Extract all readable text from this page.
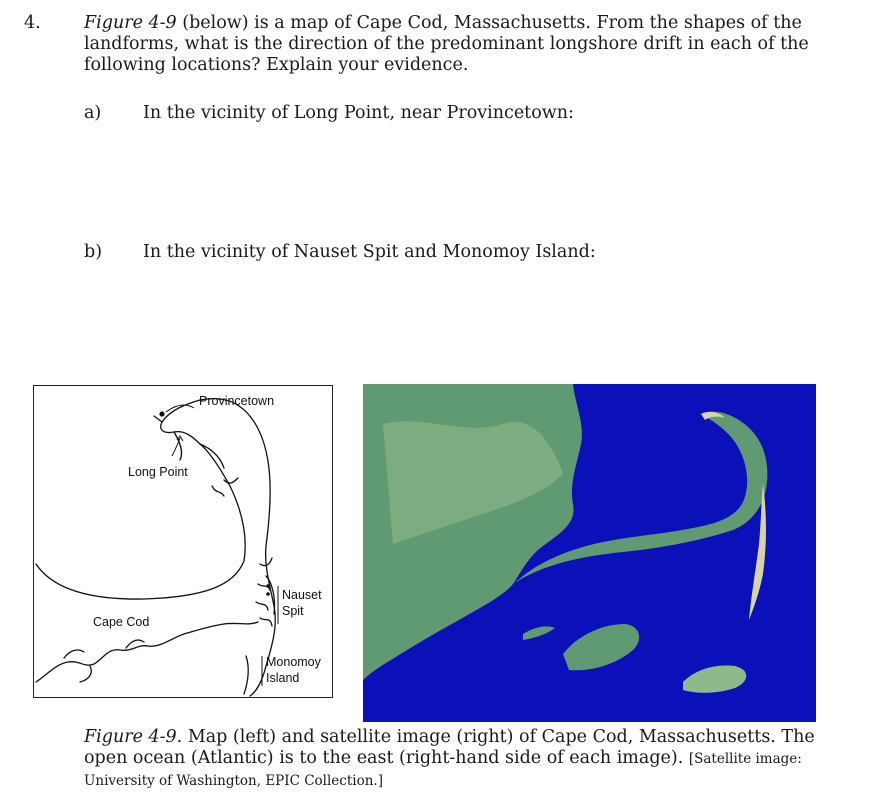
4. Figure 4-9 (below) is a map of Cape Cod, Massachusetts. From the shapes of the landforms, what is the direction of the predominant longshore drift in each of the following locations? Explain your evidence.
a) In the vicinity of Long Point, near Provincetown:
b) In the vicinity of Nauset Spit and Monomoy Island:
Provincetown
Long Point
Nauset
Spit
Cape Cod
Monomoy
Island
Figure 4-9. Map (left) and satellite image (right) of Cape Cod, Massachusetts. The open ocean (Atlantic) is to the east (right-hand side of each image). [Satellite image: University of Washington, EPIC Collection.]
